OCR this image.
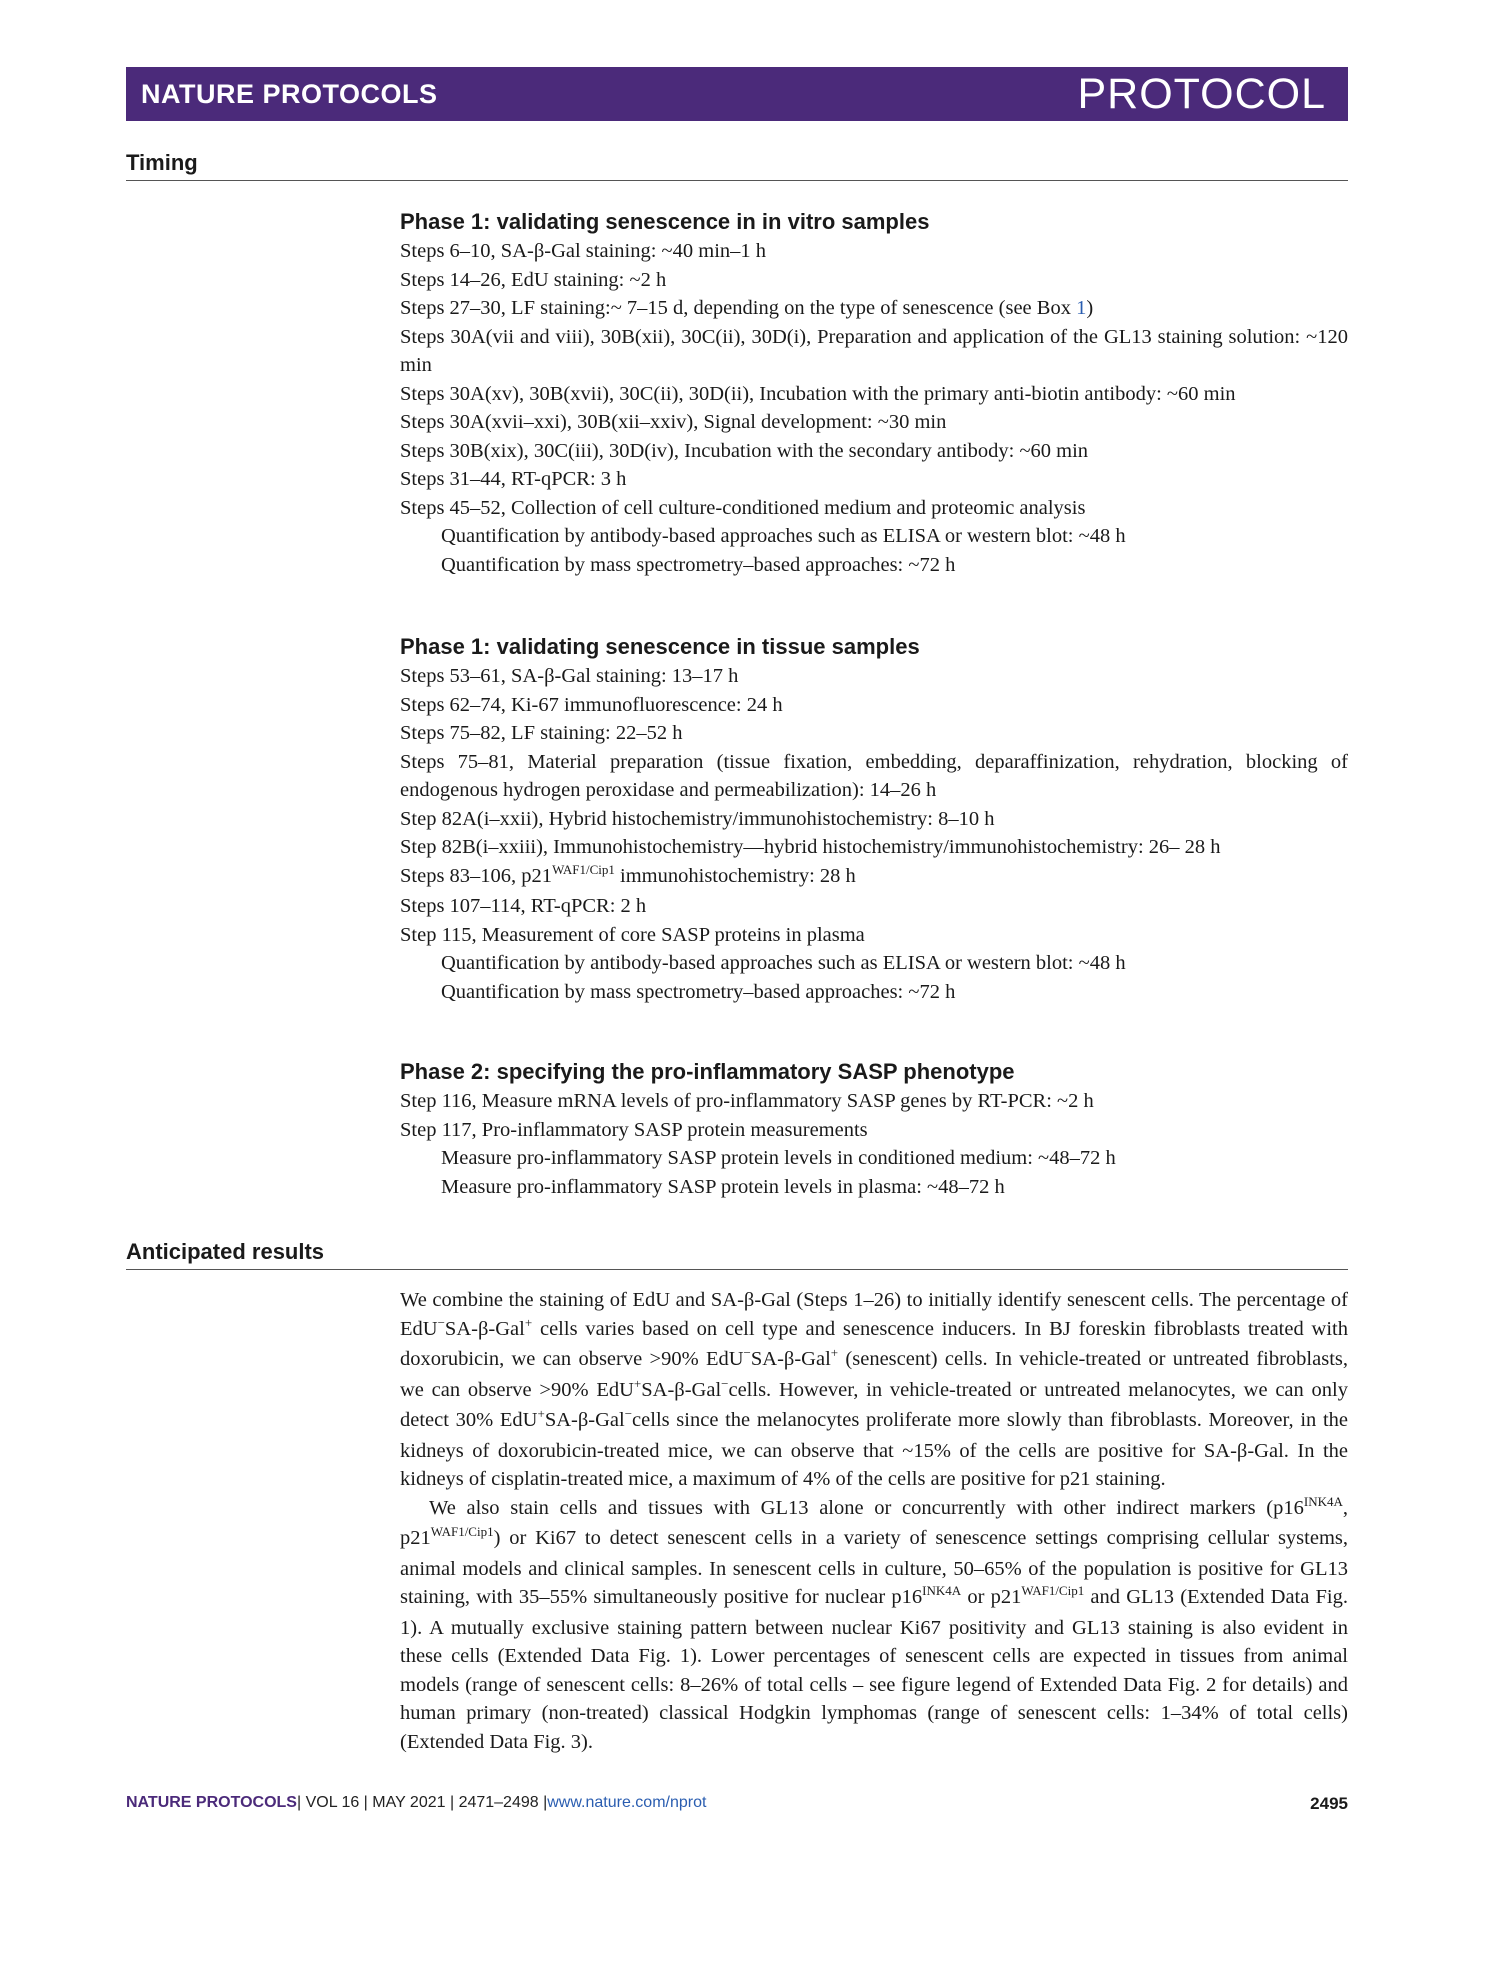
NATURE PROTOCOLS	PROTOCOL
Timing
Phase 1: validating senescence in in vitro samples

Steps 6–10, SA-β-Gal staining: ~40 min–1 h

Steps 14–26, EdU staining: ~2 h

Steps 27–30, LF staining:~ 7–15 d, depending on the type of senescence (see Box 1)

Steps 30A(vii and viii), 30B(xii), 30C(ii), 30D(i), Preparation and application of the GL13 staining solution: ~120 min

Steps 30A(xv), 30B(xvii), 30C(ii), 30D(ii), Incubation with the primary anti-biotin antibody: ~60 min

Steps 30A(xvii–xxi), 30B(xii–xxiv), Signal development: ~30 min

Steps 30B(xix), 30C(iii), 30D(iv), Incubation with the secondary antibody: ~60 min

Steps 31–44, RT-qPCR: 3 h

Steps 45–52, Collection of cell culture-conditioned medium and proteomic analysis

Quantification by antibody-based approaches such as ELISA or western blot: ~48 h

Quantification by mass spectrometry–based approaches: ~72 h

Phase 1: validating senescence in tissue samples

Steps 53–61, SA-β-Gal staining: 13–17 h

Steps 62–74, Ki-67 immunofluorescence: 24 h

Steps 75–82, LF staining: 22–52 h

Steps 75–81, Material preparation (tissue fixation, embedding, deparaffinization, rehydration, blocking of endogenous hydrogen peroxidase and permeabilization): 14–26 h

Step 82A(i–xxii), Hybrid histochemistry/immunohistochemistry: 8–10 h

Step 82B(i–xxiii), Immunohistochemistry—hybrid histochemistry/immunohistochemistry: 26– 28 h

Steps 83–106, $p21^{WAF1/Cip1}$ immunohistochemistry: 28 h

Steps 107–114, RT-qPCR: 2 h

Step 115, Measurement of core SASP proteins in plasma

Quantification by antibody-based approaches such as ELISA or western blot: ~48 h

Quantification by mass spectrometry–based approaches: ~72 h

Phase 2: specifying the pro-inflammatory SASP phenotype

Step 116, Measure mRNA levels of pro-inflammatory SASP genes by RT-PCR: ~2 h

Step 117, Pro-inflammatory SASP protein measurements

Measure pro-inflammatory SASP protein levels in conditioned medium: ~48–72 h

Measure pro-inflammatory SASP protein levels in plasma: ~48–72 h

Anticipated results

We combine the staining of EdU and SA-β-Gal (Steps 1–26) to initially identify senescent cells. The percentage of EdU−SA-β-Gal+ cells varies based on cell type and senescence inducers. In BJ foreskin fibroblasts treated with doxorubicin, we can observe >90% EdU−SA-β-Gal+ (senescent) cells. In vehicle-treated or untreated fibroblasts, we can observe >90% EdU+SA-β-Gal−cells. However, in vehicle-treated or untreated melanocytes, we can only detect 30% EdU+SA-β-Gal−cells since the melanocytes proliferate more slowly than fibroblasts. Moreover, in the kidneys of doxorubicin-treated mice, we can observe that ~15% of the cells are positive for SA-β-Gal. In the kidneys of cisplatin-treated mice, a maximum of 4% of the cells are positive for p21 staining.

We also stain cells and tissues with GL13 alone or concurrently with other indirect markers ($p16^{INK4A}$, $p21^{WAF1/Cip1}$) or Ki67 to detect senescent cells in a variety of senescence settings comprising cellular systems, animal models and clinical samples. In senescent cells in culture, 50–65% of the population is positive for GL13 staining, with 35–55% simultaneously positive for nuclear $p16^{INK4A}$ or $p21^{WAF1/Cip1}$ and GL13 (Extended Data Fig. 1). A mutually exclusive staining pattern between nuclear Ki67 positivity and GL13 staining is also evident in these cells (Extended Data Fig. 1). Lower percentages of senescent cells are expected in tissues from animal models (range of senescent cells: 8–26% of total cells – see figure legend of Extended Data Fig. 2 for details) and human primary (non-treated) classical Hodgkin lymphomas (range of senescent cells: 1–34% of total cells) (Extended Data Fig. 3).

NATURE PROTOCOLS| VOL 16 | MAY 2021 | 2471–2498 |www.nature.com/nprot	2495
